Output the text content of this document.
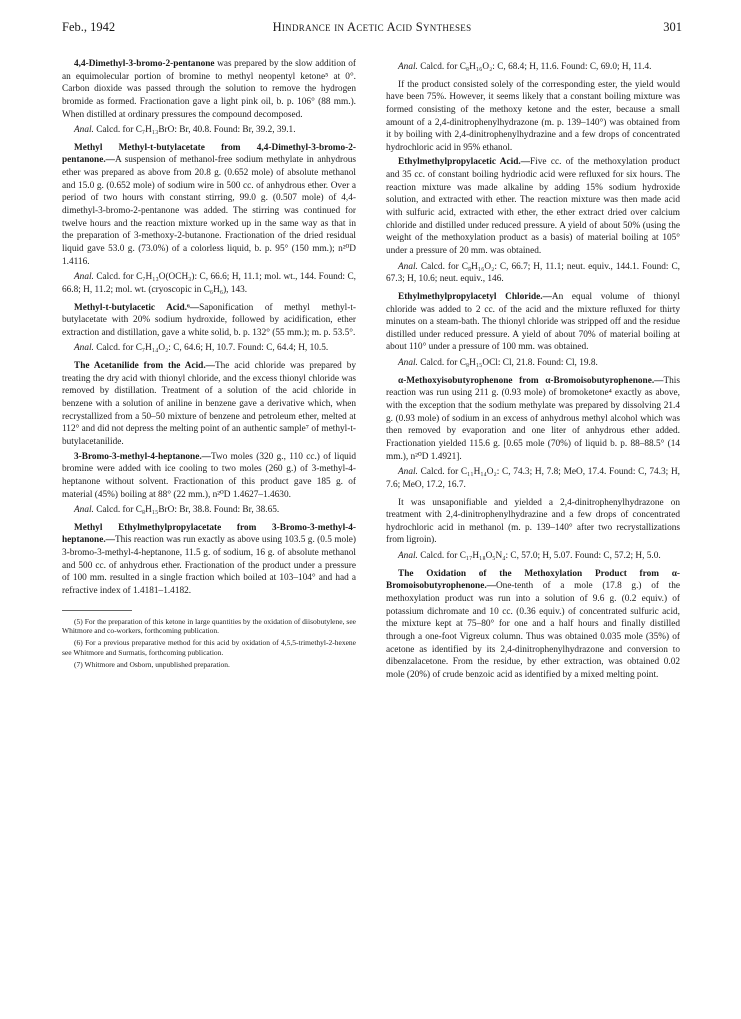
Feb., 1942	Hindrance in Acetic Acid Syntheses	301

4,4-Dimethyl-3-bromo-2-pentanone was prepared by the slow addition of an equimolecular portion of bromine to methyl neopentyl ketone⁵ at 0°. Carbon dioxide was passed through the solution to remove the hydrogen bromide as formed. Fractionation gave a light pink oil, b. p. 106° (88 mm.). When distilled at ordinary pressures the compound decomposed.

Anal. Calcd. for C₇H₁₃BrO: Br, 40.8. Found: Br, 39.2, 39.1.

Methyl Methyl-t-butylacetate from 4,4-Dimethyl-3-bromo-2-pentanone.—A suspension of methanol-free sodium methylate in anhydrous ether was prepared as above from 20.8 g. (0.652 mole) of absolute methanol and 15.0 g. (0.652 mole) of sodium wire in 500 cc. of anhydrous ether. Over a period of two hours with constant stirring, 99.0 g. (0.507 mole) of 4,4-dimethyl-3-bromo-2-pentanone was added. The stirring was continued for twelve hours and the reaction mixture worked up in the same way as that in the preparation of 3-methoxy-2-butanone. Fractionation of the dried residual liquid gave 53.0 g. (73.0%) of a colorless liquid, b. p. 95° (150 mm.); n²⁰D 1.4116.

Anal. Calcd. for C₇H₁₃O(OCH₃): C, 66.6; H, 11.1; mol. wt., 144. Found: C, 66.8; H, 11.2; mol. wt. (cryoscopic in C₆H₆), 143.

Methyl-t-butylacetic Acid.⁶—Saponification of methyl methyl-t-butylacetate with 20% sodium hydroxide, followed by acidification, ether extraction and distillation, gave a white solid, b. p. 132° (55 mm.); m. p. 53.5°.

Anal. Calcd. for C₇H₁₄O₂: C, 64.6; H, 10.7. Found: C, 64.4; H, 10.5.

The Acetanilide from the Acid.—The acid chloride was prepared by treating the dry acid with thionyl chloride, and the excess thionyl chloride was removed by distillation. Treatment of a solution of the acid chloride in benzene with a solution of aniline in benzene gave a derivative which, when recrystallized from a 50–50 mixture of benzene and petroleum ether, melted at 112° and did not depress the melting point of an authentic sample⁷ of methyl-t-butylacetanilide.

3-Bromo-3-methyl-4-heptanone.—Two moles (320 g., 110 cc.) of liquid bromine were added with ice cooling to two moles (260 g.) of 3-methyl-4-heptanone without solvent. Fractionation of this product gave 185 g. of material (45%) boiling at 88° (22 mm.), n²⁰D 1.4627–1.4630.

Anal. Calcd. for C₈H₁₅BrO: Br, 38.8. Found: Br, 38.65.

Methyl Ethylmethylpropylacetate from 3-Bromo-3-methyl-4-heptanone.—This reaction was run exactly as above using 103.5 g. (0.5 mole) 3-bromo-3-methyl-4-heptanone, 11.5 g. of sodium, 16 g. of absolute methanol and 500 cc. of anhydrous ether. Fractionation of the product under a pressure of 100 mm. resulted in a single fraction which boiled at 103–104° and had a refractive index of 1.4181–1.4182.

(5) For the preparation of this ketone in large quantities by the oxidation of diisobutylene, see Whitmore and co-workers, forthcoming publication.

(6) For a previous preparative method for this acid by oxidation of 4,5,5-trimethyl-2-hexene see Whitmore and Surmatis, forthcoming publication.

(7) Whitmore and Osborn, unpublished preparation.

Anal. Calcd. for C₈H₁₆O₂: C, 68.4; H, 11.6. Found: C, 69.0; H, 11.4.

If the product consisted solely of the corresponding ester, the yield would have been 75%. However, it seems likely that a constant boiling mixture was formed consisting of the methoxy ketone and the ester, because a small amount of a 2,4-dinitrophenylhydrazone (m. p. 139–140°) was obtained from it by boiling with 2,4-dinitrophenylhydrazine and a few drops of concentrated hydrochloric acid in 95% ethanol.

Ethylmethylpropylacetic Acid.—Five cc. of the methoxylation product and 35 cc. of constant boiling hydriodic acid were refluxed for six hours. The reaction mixture was made alkaline by adding 15% sodium hydroxide solution, and extracted with ether. The reaction mixture was then made acid with sulfuric acid, extracted with ether, the ether extract dried over calcium chloride and distilled under reduced pressure. A yield of about 50% (using the weight of the methoxylation product as a basis) of material boiling at 105° under a pressure of 20 mm. was obtained.

Anal. Calcd. for C₈H₁₆O₂: C, 66.7; H, 11.1; neut. equiv., 144.1. Found: C, 67.3; H, 10.6; neut. equiv., 146.

Ethylmethylpropylacetyl Chloride.—An equal volume of thionyl chloride was added to 2 cc. of the acid and the mixture refluxed for thirty minutes on a steam-bath. The thionyl chloride was stripped off and the residue distilled under reduced pressure. A yield of about 70% of material boiling at about 110° under a pressure of 100 mm. was obtained.

Anal. Calcd. for C₈H₁₅OCl: Cl, 21.8. Found: Cl, 19.8.

α-Methoxyisobutyrophenone from α-Bromoisobutyrophenone.—This reaction was run using 211 g. (0.93 mole) of bromoketone⁴ exactly as above, with the exception that the sodium methylate was prepared by dissolving 21.4 g. (0.93 mole) of sodium in an excess of anhydrous methyl alcohol which was then removed by evaporation and one liter of anhydrous ether added. Fractionation yielded 115.6 g. [0.65 mole (70%) of liquid b. p. 88–88.5° (14 mm.), n²⁰D 1.4921].

Anal. Calcd. for C₁₁H₁₄O₂: C, 74.3; H, 7.8; MeO, 17.4. Found: C, 74.3; H, 7.6; MeO, 17.2, 16.7.

It was unsaponifiable and yielded a 2,4-dinitrophenylhydrazone on treatment with 2,4-dinitrophenylhydrazine and a few drops of concentrated hydrochloric acid in methanol (m. p. 139–140° after two recrystallizations from ligroin).

Anal. Calcd. for C₁₇H₁₈O₅N₄: C, 57.0; H, 5.07. Found: C, 57.2; H, 5.0.

The Oxidation of the Methoxylation Product from α-Bromoisobutyrophenone.—One-tenth of a mole (17.8 g.) of the methoxylation product was run into a solution of 9.6 g. (0.2 equiv.) of potassium dichromate and 10 cc. (0.36 equiv.) of concentrated sulfuric acid, the mixture kept at 75–80° for one and a half hours and finally distilled through a one-foot Vigreux column. Thus was obtained 0.035 mole (35%) of acetone as identified by its 2,4-dinitrophenylhydrazone and conversion to dibenzalacetone. From the residue, by ether extraction, was obtained 0.02 mole (20%) of crude benzoic acid as identified by a mixed melting point.
